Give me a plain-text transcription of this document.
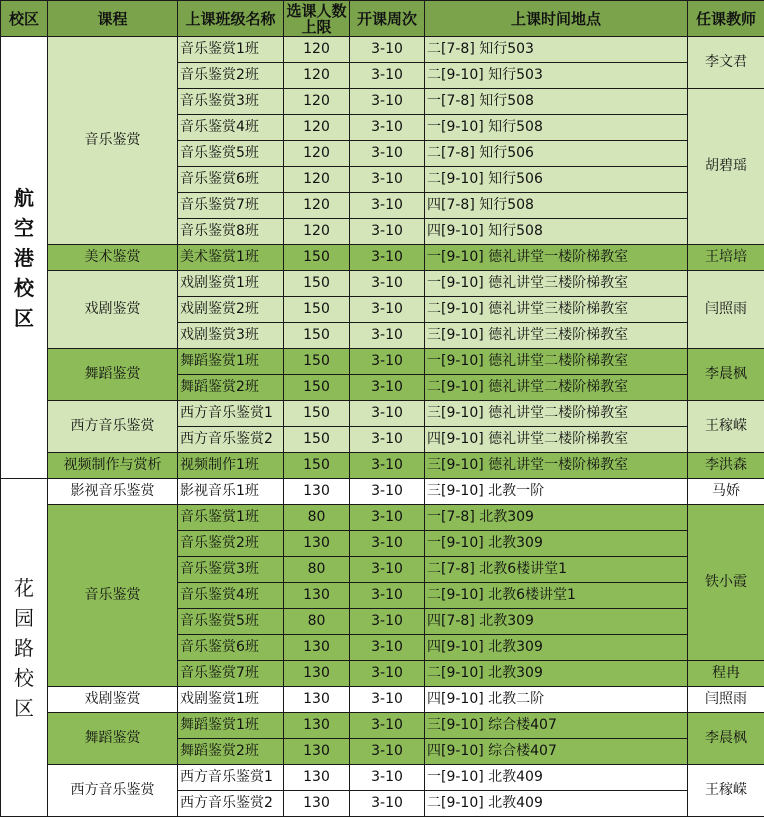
校区	课程	上课班级名称	选课人数上限	开课周次	上课时间地点	任课教师

航空港校区	音乐鉴赏	音乐鉴赏1班	120	3-10	二[7-8] 知行503	李文君
		音乐鉴赏2班	120	3-10	二[9-10] 知行503	
		音乐鉴赏3班	120	3-10	一[7-8] 知行508	胡碧瑶
		音乐鉴赏4班	120	3-10	一[9-10] 知行508	
		音乐鉴赏5班	120	3-10	二[7-8] 知行506	
		音乐鉴赏6班	120	3-10	二[9-10] 知行506	
		音乐鉴赏7班	120	3-10	四[7-8] 知行508	
		音乐鉴赏8班	120	3-10	四[9-10] 知行508	
	美术鉴赏	美术鉴赏1班	150	3-10	一[9-10] 德礼讲堂一楼阶梯教室	王培培
	戏剧鉴赏	戏剧鉴赏1班	150	3-10	一[9-10] 德礼讲堂三楼阶梯教室	闫照雨
		戏剧鉴赏2班	150	3-10	二[9-10] 德礼讲堂三楼阶梯教室	
		戏剧鉴赏3班	150	3-10	三[9-10] 德礼讲堂三楼阶梯教室	
	舞蹈鉴赏	舞蹈鉴赏1班	150	3-10	一[9-10] 德礼讲堂二楼阶梯教室	李晨枫
		舞蹈鉴赏2班	150	3-10	二[9-10] 德礼讲堂二楼阶梯教室	
	西方音乐鉴赏	西方音乐鉴赏1	150	3-10	三[9-10] 德礼讲堂二楼阶梯教室	王稼嵘
		西方音乐鉴赏2	150	3-10	四[9-10] 德礼讲堂二楼阶梯教室	
	视频制作与赏析	视频制作1班	150	3-10	三[9-10] 德礼讲堂一楼阶梯教室	李洪森

花园路校区	影视音乐鉴赏	影视音乐1班	130	3-10	三[9-10] 北教一阶	马娇
	音乐鉴赏	音乐鉴赏1班	80	3-10	一[7-8] 北教309	铁小霞
		音乐鉴赏2班	130	3-10	一[9-10] 北教309	
		音乐鉴赏3班	80	3-10	二[7-8] 北教6楼讲堂1	
		音乐鉴赏4班	130	3-10	二[9-10] 北教6楼讲堂1	
		音乐鉴赏5班	80	3-10	四[7-8] 北教309	
		音乐鉴赏6班	130	3-10	四[9-10] 北教309	
		音乐鉴赏7班	130	3-10	二[9-10] 北教309	程冉
	戏剧鉴赏	戏剧鉴赏1班	130	3-10	四[9-10] 北教二阶	闫照雨
	舞蹈鉴赏	舞蹈鉴赏1班	130	3-10	三[9-10] 综合楼407	李晨枫
		舞蹈鉴赏2班	130	3-10	四[9-10] 综合楼407	
	西方音乐鉴赏	西方音乐鉴赏1	130	3-10	一[9-10] 北教409	王稼嵘
		西方音乐鉴赏2	130	3-10	二[9-10] 北教409	
